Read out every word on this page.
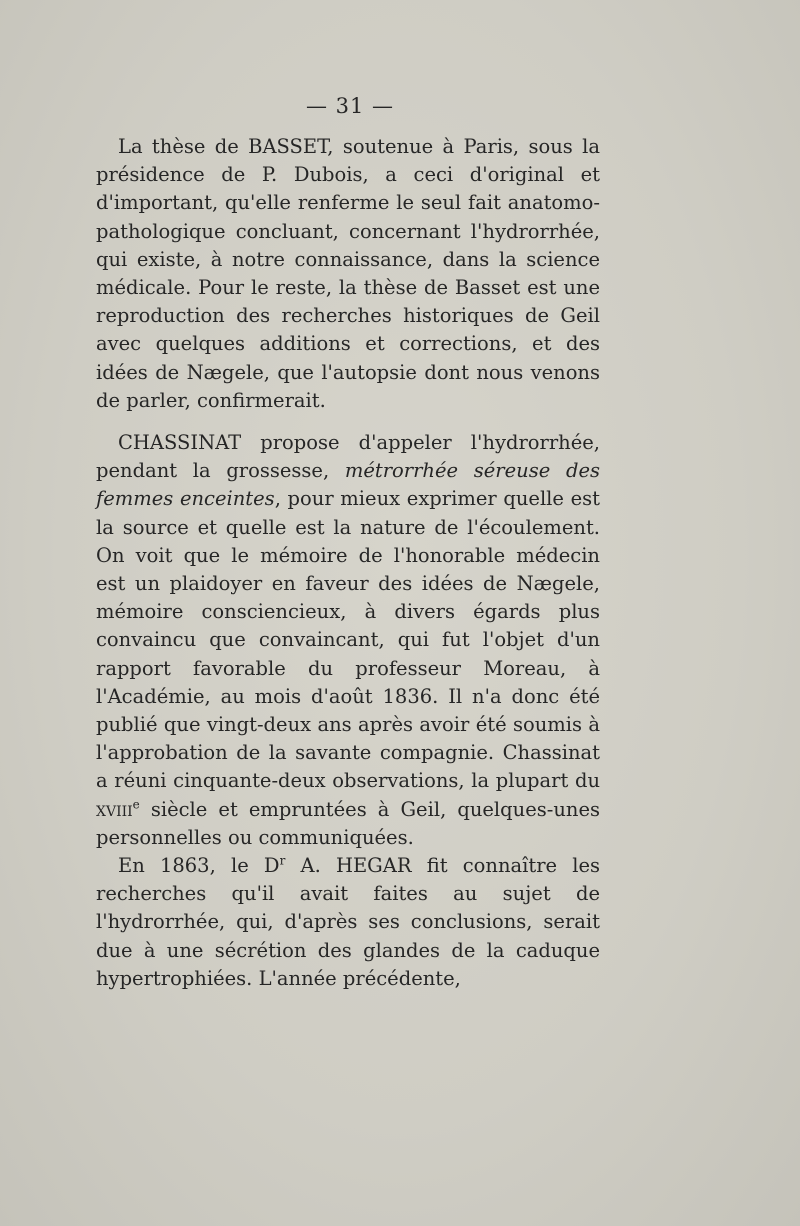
— 31 —

La thèse de BASSET, soutenue à Paris, sous la présidence de P. Dubois, a ceci d'original et d'important, qu'elle renferme le seul fait anatomo-pathologique concluant, concernant l'hydrorrhée, qui existe, à notre connaissance, dans la science médicale. Pour le reste, la thèse de Basset est une reproduction des recherches historiques de Geil avec quelques additions et corrections, et des idées de Nægele, que l'autopsie dont nous venons de parler, confirmerait.

CHASSINAT propose d'appeler l'hydrorrhée, pendant la grossesse, métrorrhée séreuse des femmes enceintes, pour mieux exprimer quelle est la source et quelle est la nature de l'écoulement. On voit que le mémoire de l'honorable médecin est un plaidoyer en faveur des idées de Nægele, mémoire consciencieux, à divers égards plus convaincu que convaincant, qui fut l'objet d'un rapport favorable du professeur Moreau, à l'Académie, au mois d'août 1836. Il n'a donc été publié que vingt-deux ans après avoir été soumis à l'approbation de la savante compagnie. Chassinat a réuni cinquante-deux observations, la plupart du xviii$^e$ siècle et empruntées à Geil, quelques-unes personnelles ou communiquées.

En 1863, le $D^r$ A. HEGAR fit connaître les recherches qu'il avait faites au sujet de l'hydrorrhée, qui, d'après ses conclusions, serait due à une sécrétion des glandes de la caduque hypertrophiées. L'année précédente,
